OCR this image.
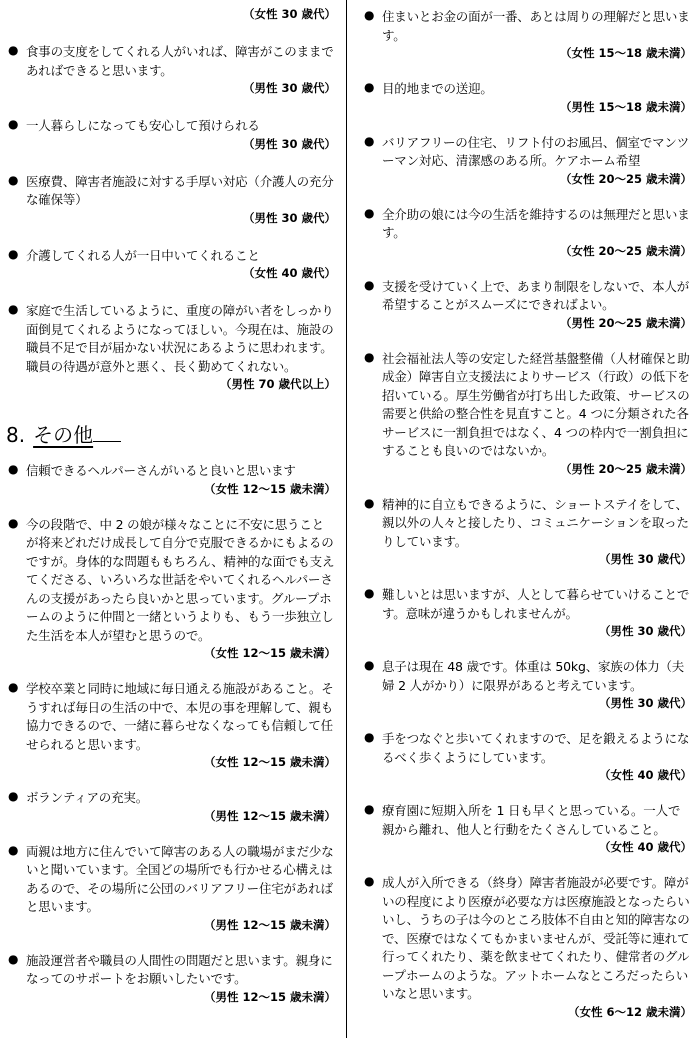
（女性 30 歳代）
● 食事の支度をしてくれる人がいれば、障害がこのままであればできると思います。
（男性 30 歳代）
● 一人暮らしになっても安心して預けられる
（男性 30 歳代）
● 医療費、障害者施設に対する手厚い対応（介護人の充分な確保等）
（男性 30 歳代）
● 介護してくれる人が一日中いてくれること
（女性 40 歳代）
● 家庭で生活しているように、重度の障がい者をしっかり面倒見てくれるようになってほしい。今現在は、施設の職員不足で目が届かない状況にあるように思われます。職員の待遇が意外と悪く、長く勤めてくれない。
（男性 70 歳代以上）
8. その他
● 信頼できるヘルパーさんがいると良いと思います
（女性 12～15 歳未満）
● 今の段階で、中 2 の娘が様々なことに不安に思うことが将来どれだけ成長して自分で克服できるかにもよるのですが。身体的な問題ももちろん、精神的な面でも支えてくださる、いろいろな世話をやいてくれるヘルパーさんの支援があったら良いかと思っています。グループホームのように仲間と一緒というよりも、もう一歩独立した生活を本人が望むと思うので。
（女性 12～15 歳未満）
● 学校卒業と同時に地域に毎日通える施設があること。そうすれば毎日の生活の中で、本児の事を理解して、親も協力できるので、一緒に暮らせなくなっても信頼して任せられると思います。
（女性 12～15 歳未満）
● ボランティアの充実。
（男性 12～15 歳未満）
● 両親は地方に住んでいて障害のある人の職場がまだ少ないと聞いています。全国どの場所でも行かせる心構えはあるので、その場所に公団のバリアフリー住宅があればと思います。
（男性 12～15 歳未満）
● 施設運営者や職員の人間性の問題だと思います。親身になってのサポートをお願いしたいです。
（男性 12～15 歳未満）
● 住まいとお金の面が一番、あとは周りの理解だと思います。
（女性 15～18 歳未満）
● 目的地までの送迎。
（男性 15～18 歳未満）
● バリアフリーの住宅、リフト付のお風呂、個室でマンツーマン対応、清潔感のある所。ケアホーム希望
（女性 20～25 歳未満）
● 全介助の娘には今の生活を維持するのは無理だと思います。
（女性 20～25 歳未満）
● 支援を受けていく上で、あまり制限をしないで、本人が希望することがスムーズにできればよい。
（男性 20～25 歳未満）
● 社会福祉法人等の安定した経営基盤整備（人材確保と助成金）障害自立支援法によりサービス（行政）の低下を招いている。厚生労働省が打ち出した政策、サービスの需要と供給の整合性を見直すこと。4 つに分類された各サービスに一割負担ではなく、4 つの枠内で一割負担にすることも良いのではないか。
（男性 20～25 歳未満）
● 精神的に自立もできるように、ショートステイをして、親以外の人々と接したり、コミュニケーションを取ったりしています。
（男性 30 歳代）
● 難しいとは思いますが、人として暮らせていけることです。意味が違うかもしれませんが。
（男性 30 歳代）
● 息子は現在 48 歳です。体重は 50kg、家族の体力（夫婦 2 人がかり）に限界があると考えています。
（男性 30 歳代）
● 手をつなぐと歩いてくれますので、足を鍛えるようになるべく歩くようにしています。
（女性 40 歳代）
● 療育園に短期入所を 1 日も早くと思っている。一人で親から離れ、他人と行動をたくさんしていること。
（女性 40 歳代）
● 成人が入所できる（終身）障害者施設が必要です。障がいの程度により医療が必要な方は医療施設となったらいいし、うちの子は今のところ肢体不自由と知的障害なので、医療ではなくてもかまいませんが、受託等に連れて行ってくれたり、薬を飲ませてくれたり、健常者のグループホームのような。アットホームなところだったらいいなと思います。
（女性 6～12 歳未満）
